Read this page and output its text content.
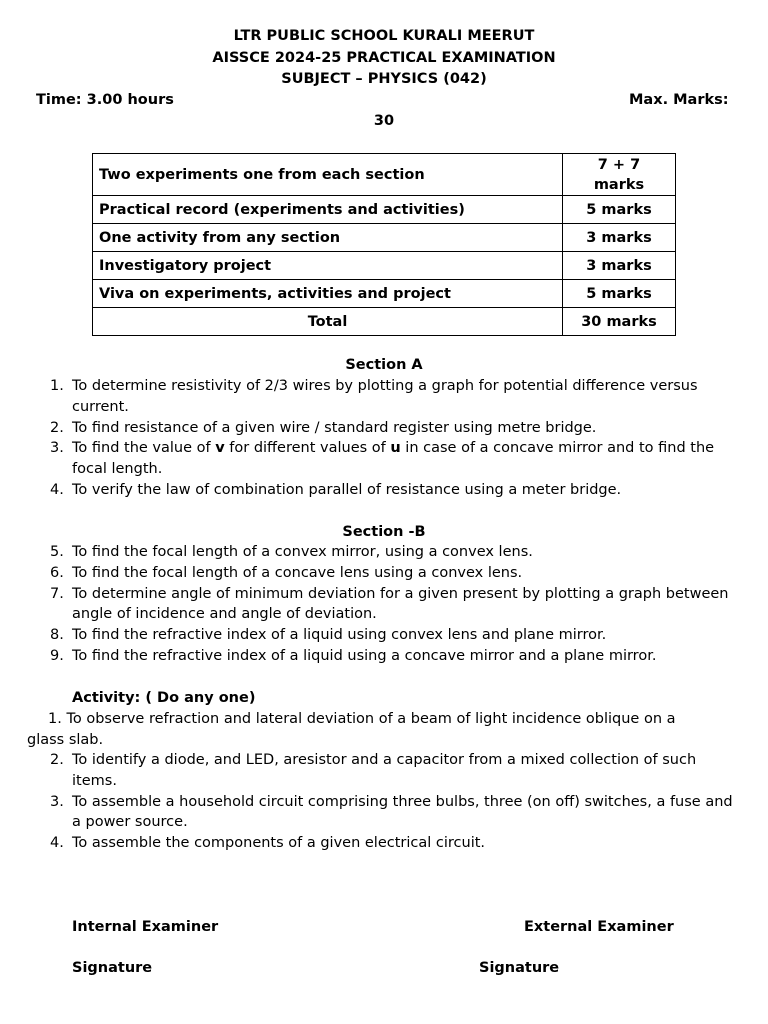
LTR PUBLIC SCHOOL KURALI MEERUT
AISSCE 2024-25 PRACTICAL EXAMINATION
SUBJECT – PHYSICS (042)
Time: 3.00 hours	Max. Marks:
30
Two experiments one from each section	7 + 7
marks
Practical record (experiments and activities)	5 marks
One activity from any section	3 marks
Investigatory project	3 marks
Viva on experiments, activities and project	5 marks
Total	30 marks
Section A
1. To determine resistivity of 2/3 wires by plotting a graph for potential difference versus current.
2. To find resistance of a given wire / standard register using metre bridge.
3. To find the value of v for different values of u in case of a concave mirror and to find the focal length.
4. To verify the law of combination parallel of resistance using a meter bridge.
Section -B
5. To find the focal length of a convex mirror, using a convex lens.
6. To find the focal length of a concave lens using a convex lens.
7. To determine angle of minimum deviation for a given present by plotting a graph between angle of incidence and angle of deviation.
8. To find the refractive index of a liquid using convex lens and plane mirror.
9. To find the refractive index of a liquid using a concave mirror and a plane mirror.
Activity: ( Do any one)
1. To observe refraction and lateral deviation of a beam of light incidence oblique on a
glass slab.
2. To identify a diode, and LED, aresistor and a capacitor from a mixed collection of such items.
3. To assemble a household circuit comprising three bulbs, three (on off) switches, a fuse and a power source.
4. To assemble the components of a given electrical circuit.
Internal Examiner	External Examiner
Signature	Signature
